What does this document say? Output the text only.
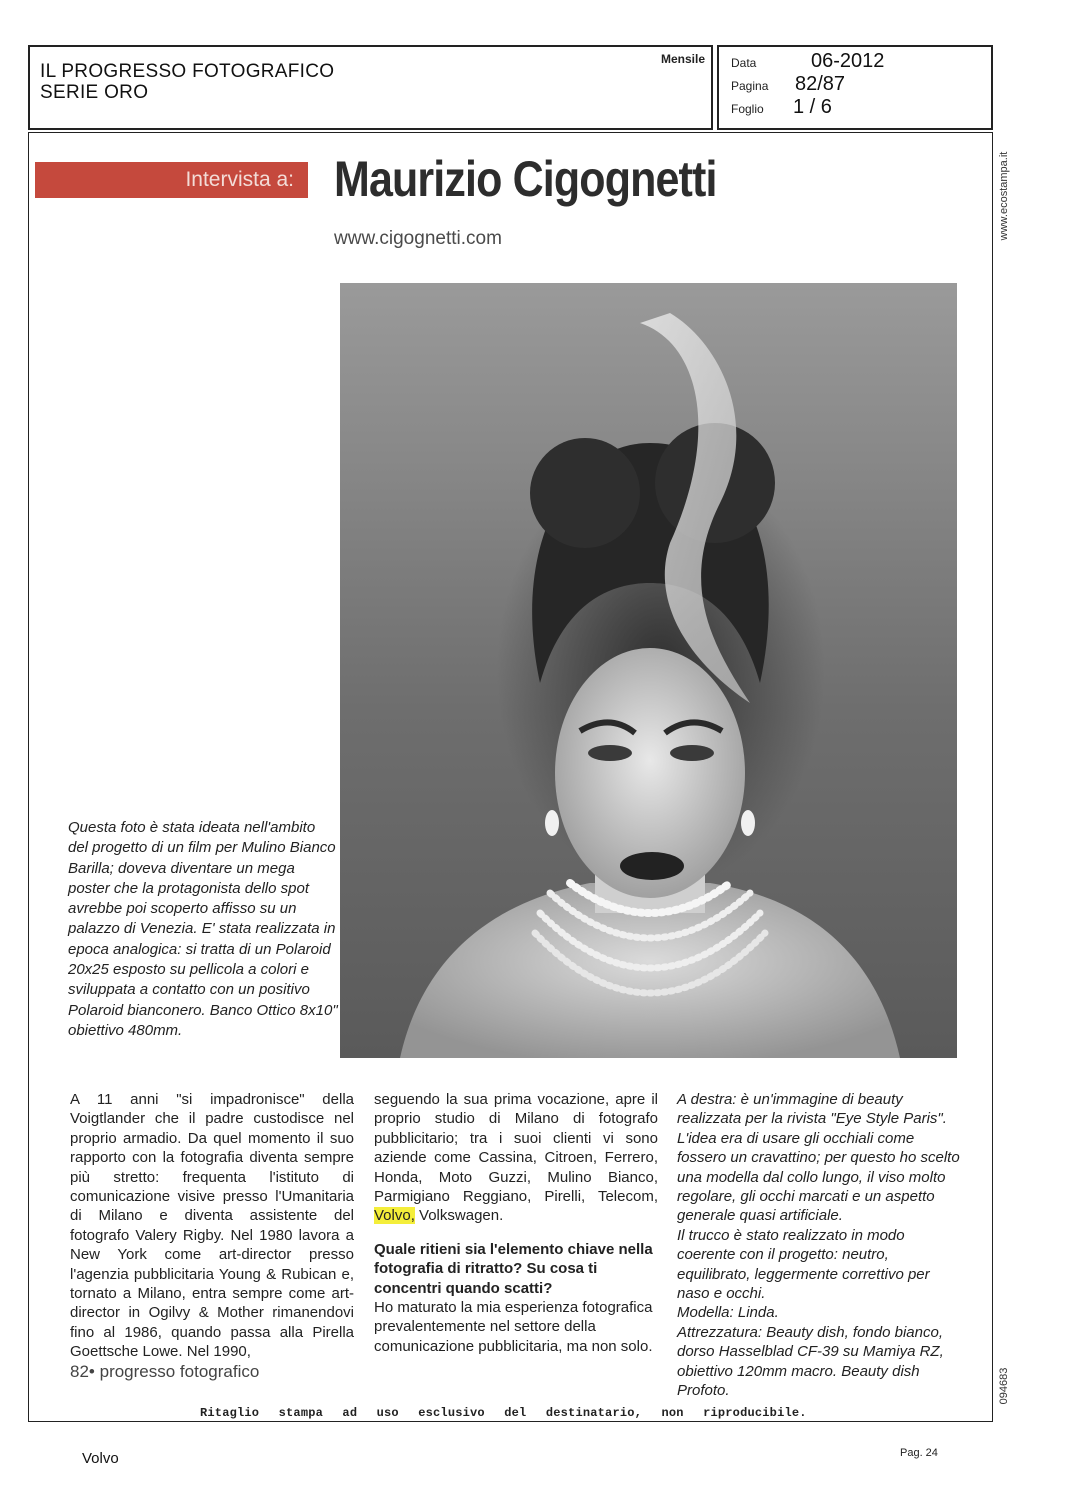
IL PROGRESSO FOTOGRAFICO
SERIE ORO
Mensile Data	06-2012
Pagina 82/87
Foglio 1 / 6
www.ecostampa.it
094683
Intervista a: Maurizio Cigognetti
www.cigognetti.com
Questa foto è stata ideata nell'ambito del progetto di un film per Mulino Bianco Barilla; doveva diventare un mega poster che la protagonista dello spot avrebbe poi scoperto affisso su un palazzo di Venezia. E' stata realizzata in epoca analogica: si tratta di un Polaroid 20x25 esposto su pellicola a colori e sviluppata a contatto con un positivo Polaroid bianconero. Banco Ottico 8x10" obiettivo 480mm.
A 11 anni "si impadronisce" della Voigtlander che il padre custodisce nel proprio armadio. Da quel momento il suo rapporto con la fotografia diventa sempre più stretto: frequenta l'istituto di comunicazione visive presso l'Umanitaria di Milano e diventa assistente del fotografo Valery Rigby. Nel 1980 lavora a New York come art-director presso l'agenzia pubblicitaria Young & Rubican e, tornato a Milano, entra sempre come art-director in Ogilvy & Mother rimanendovi fino al 1986, quando passa alla Pirella Goettsche Lowe. Nel 1990,
seguendo la sua prima vocazione, apre il proprio studio di Milano di fotografo pubblicitario; tra i suoi clienti vi sono aziende come Cassina, Citroen, Ferrero, Honda, Moto Guzzi, Mulino Bianco, Parmigiano Reggiano, Pirelli, Telecom, Volvo, Volkswagen.
Quale ritieni sia l'elemento chiave nella fotografia di ritratto? Su cosa ti concentri quando scatti?
Ho maturato la mia esperienza fotografica prevalentemente nel settore della comunicazione pubblicitaria, ma non solo.
A destra: è un'immagine di beauty realizzata per la rivista "Eye Style Paris". L'idea era di usare gli occhiali come fossero un cravattino; per questo ho scelto una modella dal collo lungo, il viso molto regolare, gli occhi marcati e un aspetto generale quasi artificiale.
Il trucco è stato realizzato in modo coerente con il progetto: neutro, equilibrato, leggermente correttivo per naso e occhi.
Modella: Linda.
Attrezzatura: Beauty dish, fondo bianco, dorso Hasselblad CF-39 su Mamiya RZ, obiettivo 120mm macro. Beauty dish Profoto.
82• progresso fotografico
Ritaglio stampa ad uso esclusivo del destinatario, non riproducibile.
Volvo	Pag. 24
